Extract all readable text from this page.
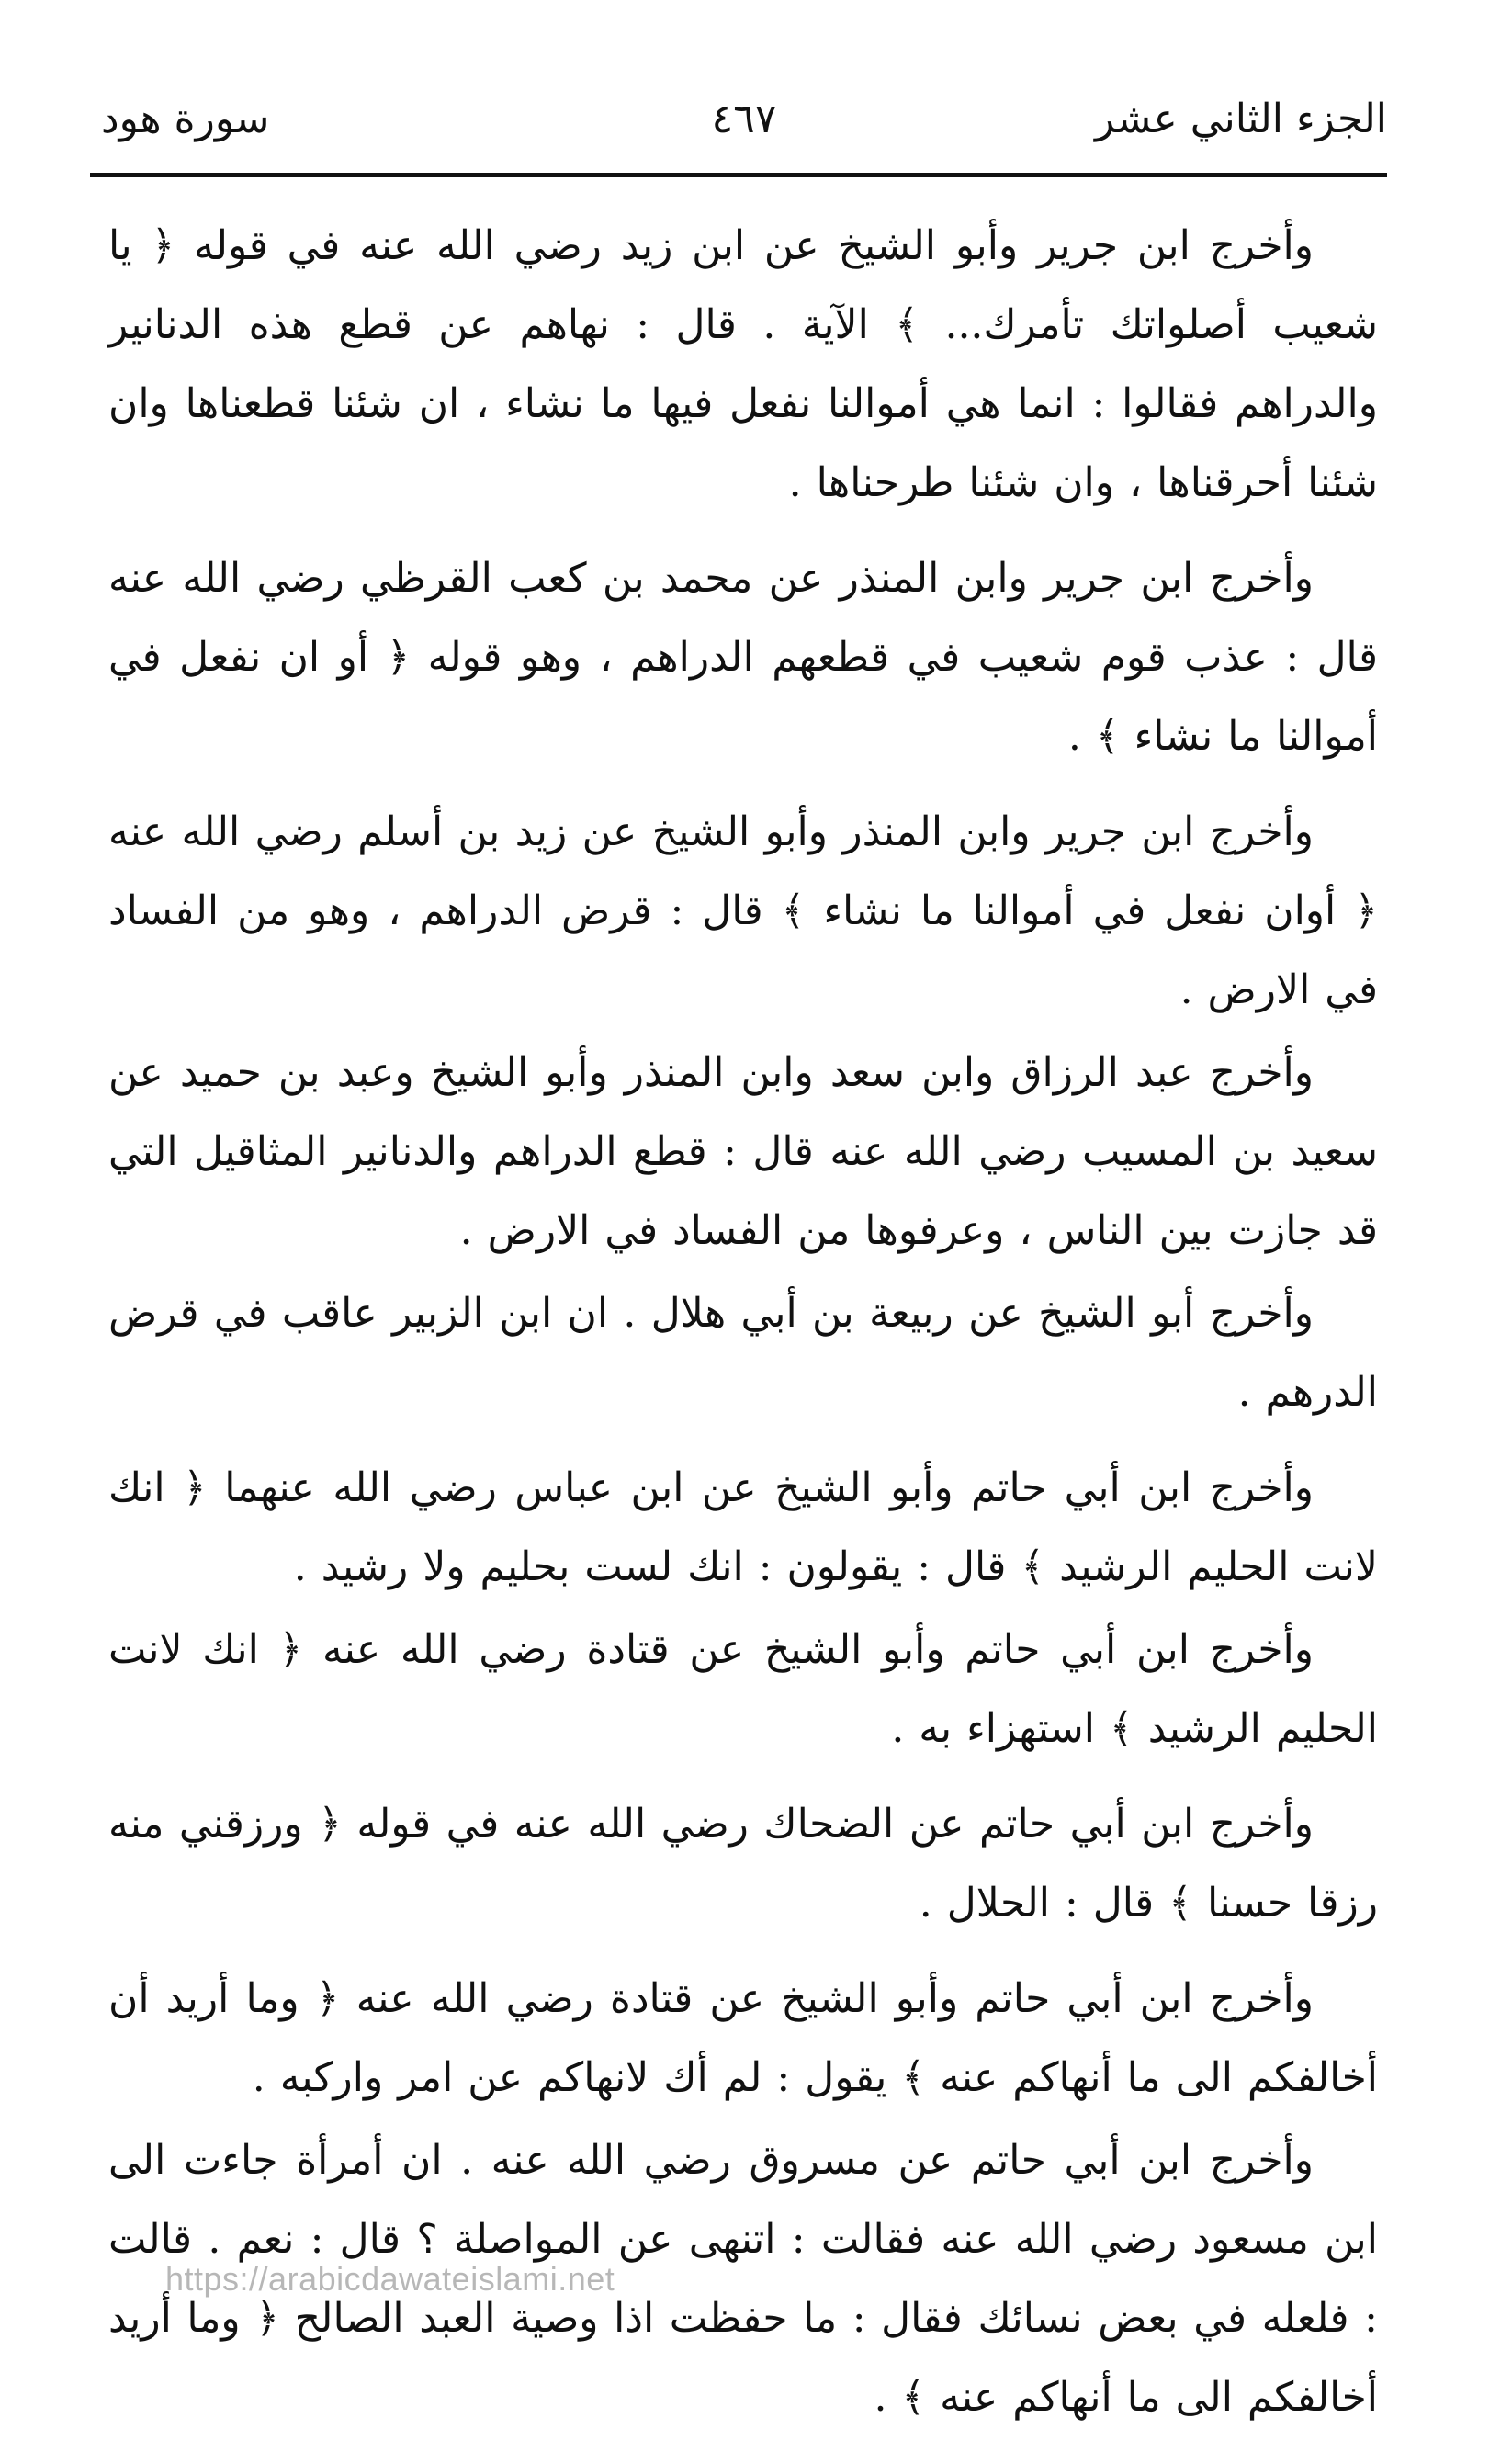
الجزء الثاني عشر
٤٦٧
سورة هود

وأخرج ابن جرير وأبو الشيخ عن ابن زيد رضي الله عنه في قوله ﴿ يا شعيب أصلواتك تأمرك... ﴾ الآية . قال : نهاهم عن قطع هذه الدنانير والدراهم فقالوا : انما هي أموالنا نفعل فيها ما نشاء ، ان شئنا قطعناها وان شئنا أحرقناها ، وان شئنا طرحناها .

وأخرج ابن جرير وابن المنذر عن محمد بن كعب القرظي رضي الله عنه قال : عذب قوم شعيب في قطعهم الدراهم ، وهو قوله ﴿ أو ان نفعل في أموالنا ما نشاء ﴾ .

وأخرج ابن جرير وابن المنذر وأبو الشيخ عن زيد بن أسلم رضي الله عنه ﴿ أوان نفعل في أموالنا ما نشاء ﴾ قال : قرض الدراهم ، وهو من الفساد في الارض .

وأخرج عبد الرزاق وابن سعد وابن المنذر وأبو الشيخ وعبد بن حميد عن سعيد بن المسيب رضي الله عنه قال : قطع الدراهم والدنانير المثاقيل التي قد جازت بين الناس ، وعرفوها من الفساد في الارض .

وأخرج أبو الشيخ عن ربيعة بن أبي هلال . ان ابن الزبير عاقب في قرض الدرهم .

وأخرج ابن أبي حاتم وأبو الشيخ عن ابن عباس رضي الله عنهما ﴿ انك لانت الحليم الرشيد ﴾ قال : يقولون : انك لست بحليم ولا رشيد .

وأخرج ابن أبي حاتم وأبو الشيخ عن قتادة رضي الله عنه ﴿ انك لانت الحليم الرشيد ﴾ استهزاء به .

وأخرج ابن أبي حاتم عن الضحاك رضي الله عنه في قوله ﴿ ورزقني منه رزقا حسنا ﴾ قال : الحلال .

وأخرج ابن أبي حاتم وأبو الشيخ عن قتادة رضي الله عنه ﴿ وما أريد أن أخالفكم الى ما أنهاكم عنه ﴾ يقول : لم أك لانهاكم عن امر واركبه .

وأخرج ابن أبي حاتم عن مسروق رضي الله عنه . ان أمرأة جاءت الى ابن مسعود رضي الله عنه فقالت : اتنهى عن المواصلة ؟ قال : نعم . قالت : فلعله في بعض نسائك فقال : ما حفظت اذا وصية العبد الصالح ﴿ وما أريد أخالفكم الى ما أنهاكم عنه ﴾ .

https://arabicdawateislami.net
